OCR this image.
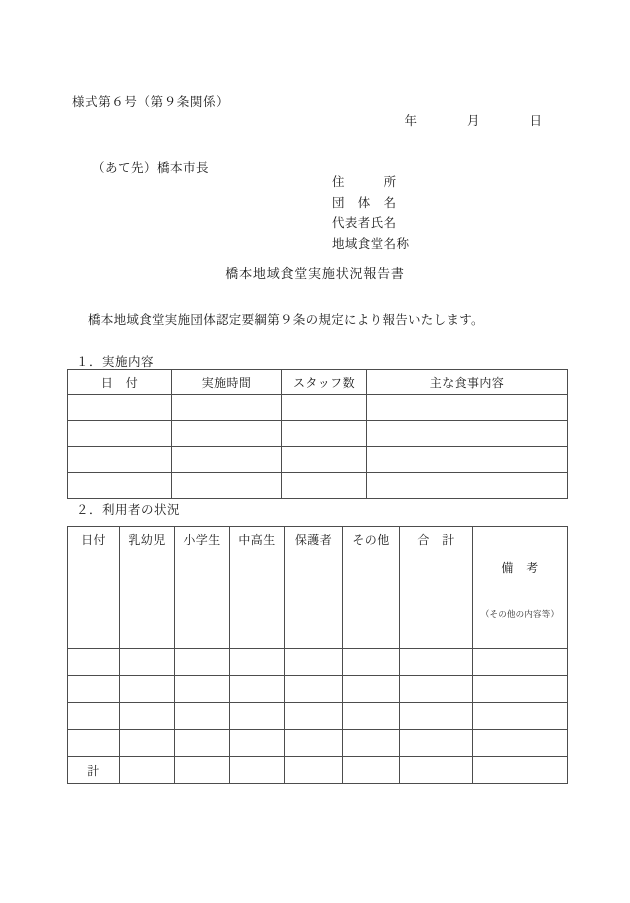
様式第６号（第９条関係）
年　　　　月　　　　日
（あて先）橋本市長
住　　　所
団　体　名
代表者氏名
地域食堂名称
橋本地域食堂実施状況報告書
橋本地域食堂実施団体認定要綱第９条の規定により報告いたします。
１．実施内容
日　付	実施時間	スタッフ数	主な食事内容

２．利用者の状況
日付	乳幼児	小学生	中高生	保護者	その他	合　計	備　考

（その他の内容等）

計							
